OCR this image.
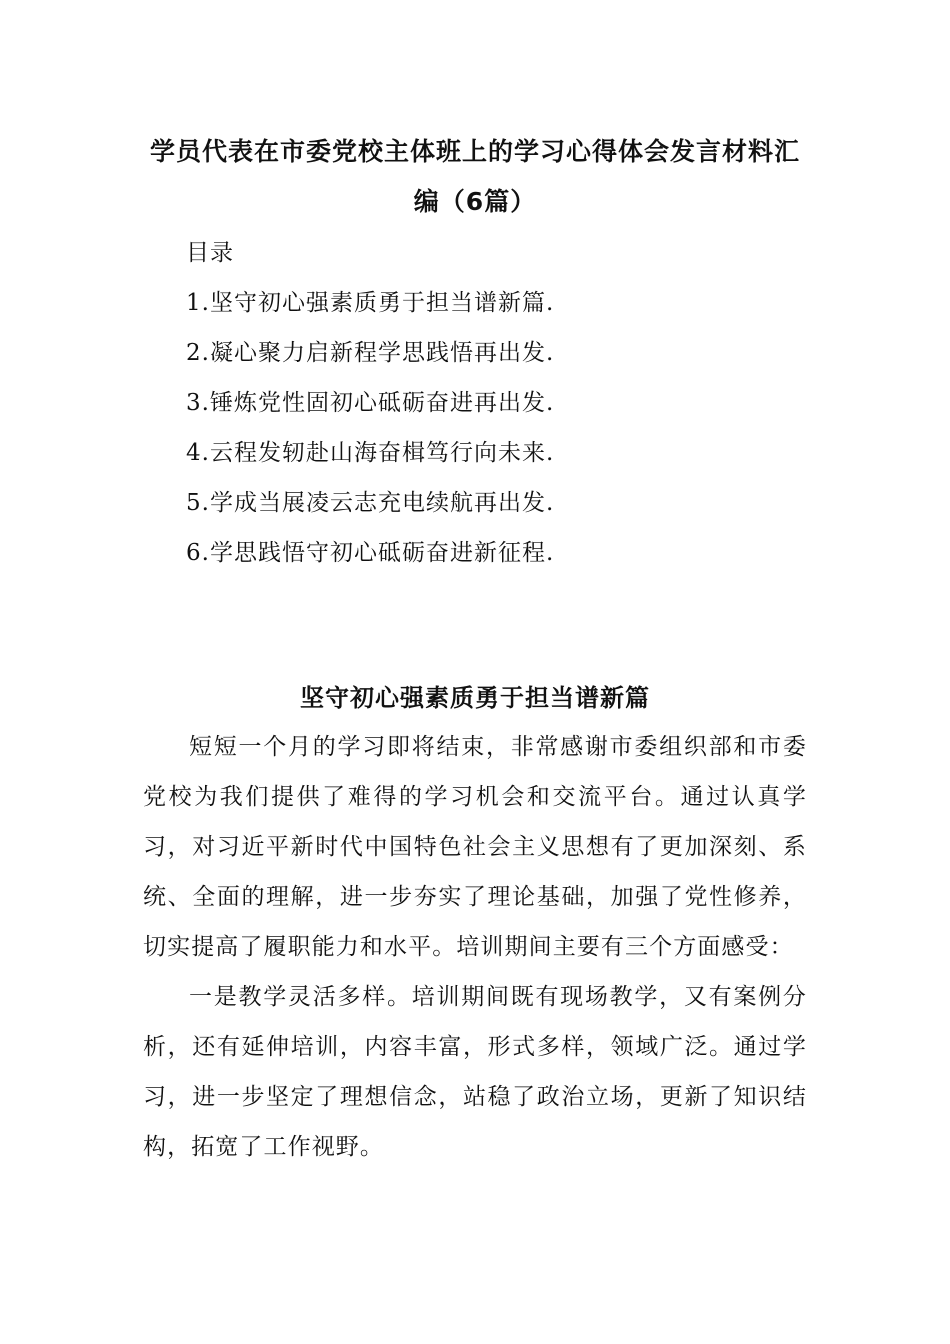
学员代表在市委党校主体班上的学习心得体会发言材料汇
编（6篇）
目录
1.坚守初心强素质勇于担当谱新篇.
2.凝心聚力启新程学思践悟再出发.
3.锤炼党性固初心砥砺奋进再出发.
4.云程发轫赴山海奋楫笃行向未来.
5.学成当展凌云志充电续航再出发.
6.学思践悟守初心砥砺奋进新征程.
坚守初心强素质勇于担当谱新篇

短短一个月的学习即将结束，非常感谢市委组织部和市委党校为我们提供了难得的学习机会和交流平台。通过认真学习，对习近平新时代中国特色社会主义思想有了更加深刻、系统、全面的理解，进一步夯实了理论基础，加强了党性修养，切实提高了履职能力和水平。培训期间主要有三个方面感受：

一是教学灵活多样。培训期间既有现场教学，又有案例分析，还有延伸培训，内容丰富，形式多样，领域广泛。通过学习，进一步坚定了理想信念，站稳了政治立场，更新了知识结构，拓宽了工作视野。
